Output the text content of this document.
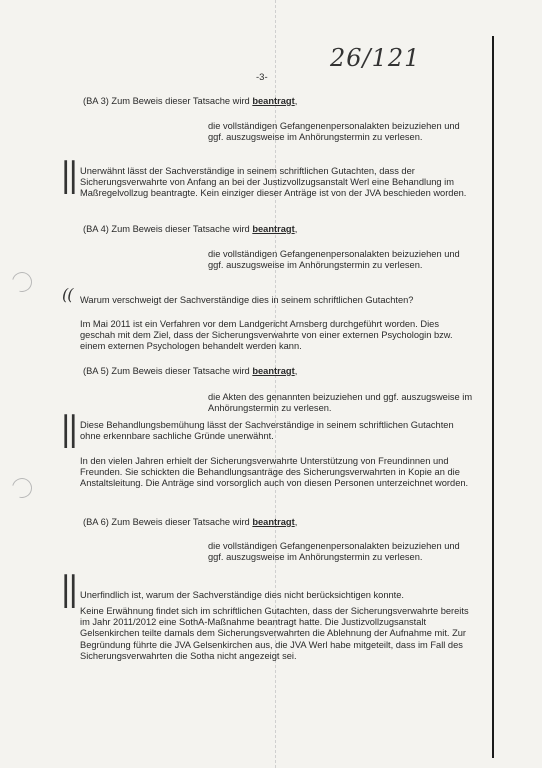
26/121
-3-

(BA 3) Zum Beweis dieser Tatsache wird beantragt,

die vollständigen Gefangenenpersonalakten beizuziehen und ggf. auszugsweise im Anhörungstermin zu verlesen.

|| Unerwähnt lässt der Sachverständige in seinem schriftlichen Gutachten, dass der Sicherungsverwahrte von Anfang an bei der Justizvollzugsanstalt Werl eine Behandlung im Maßregelvollzug beantragte. Kein einziger dieser Anträge ist von der JVA beschieden worden.

(BA 4) Zum Beweis dieser Tatsache wird beantragt,

die vollständigen Gefangenenpersonalakten beizuziehen und ggf. auszugsweise im Anhörungstermin zu verlesen.

(( Warum verschweigt der Sachverständige dies in seinem schriftlichen Gutachten?

Im Mai 2011 ist ein Verfahren vor dem Landgericht Arnsberg durchgeführt worden. Dies geschah mit dem Ziel, dass der Sicherungsverwahrte von einer externen Psychologin bzw. einem externen Psychologen behandelt werden kann.

(BA 5) Zum Beweis dieser Tatsache wird beantragt,

die Akten des genannten beizuziehen und ggf. auszugsweise im Anhörungstermin zu verlesen.

|| Diese Behandlungsbemühung lässt der Sachverständige in seinem schriftlichen Gutachten ohne erkennbare sachliche Gründe unerwähnt.

In den vielen Jahren erhielt der Sicherungsverwahrte Unterstützung von Freundinnen und Freunden. Sie schickten die Behandlungsanträge des Sicherungsverwahrten in Kopie an die Anstaltsleitung. Die Anträge sind vorsorglich auch von diesen Personen unterzeichnet worden.

(BA 6) Zum Beweis dieser Tatsache wird beantragt,

die vollständigen Gefangenenpersonalakten beizuziehen und ggf. auszugsweise im Anhörungstermin zu verlesen.

|| Unerfindlich ist, warum der Sachverständige dies nicht berücksichtigen konnte.

Keine Erwähnung findet sich im schriftlichen Gutachten, dass der Sicherungsverwahrte bereits im Jahr 2011/2012 eine SothA-Maßnahme beantragt hatte. Die Justizvollzugsanstalt Gelsenkirchen teilte damals dem Sicherungsverwahrten die Ablehnung der Aufnahme mit. Zur Begründung führte die JVA Gelsenkirchen aus, die JVA Werl habe mitgeteilt, dass im Fall des Sicherungsverwahrten die Sotha nicht angezeigt sei.
